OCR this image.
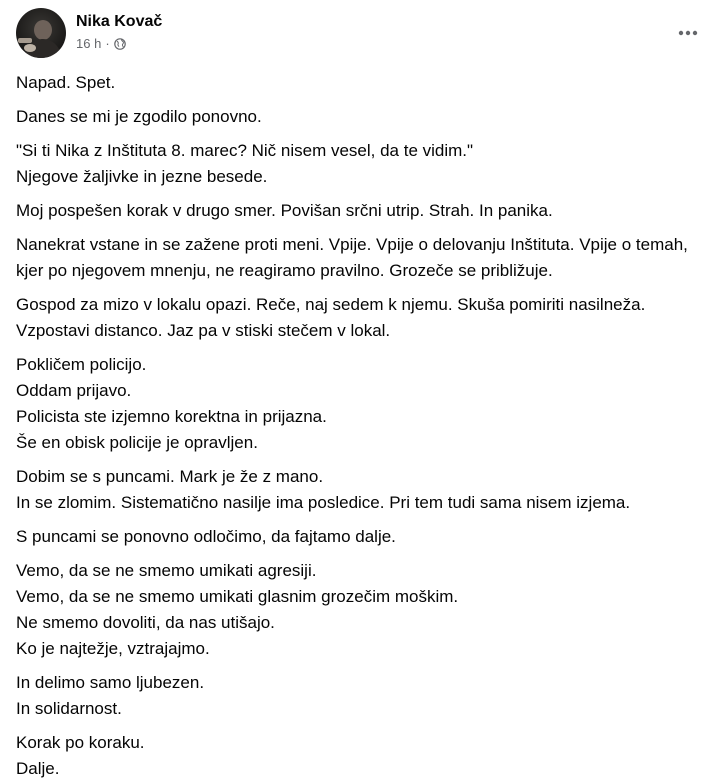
Nika Kovač
16 h ·

Napad. Spet.

Danes se mi je zgodilo ponovno.

"Si ti Nika z Inštituta 8. marec? Nič nisem vesel, da te vidim."
Njegove žaljivke in jezne besede.

Moj pospešen korak v drugo smer. Povišan srčni utrip. Strah. In panika.

Nanekrat vstane in se zažene proti meni. Vpije. Vpije o delovanju Inštituta. Vpije o temah, kjer po njegovem mnenju, ne reagiramo pravilno. Grozeče se približuje.

Gospod za mizo v lokalu opazi. Reče, naj sedem k njemu. Skuša pomiriti nasilneža. Vzpostavi distanco. Jaz pa v stiski stečem v lokal.

Pokličem policijo.
Oddam prijavo.
Policista ste izjemno korektna in prijazna.
Še en obisk policije je opravljen.

Dobim se s puncami. Mark je že z mano.
In se zlomim. Sistematično nasilje ima posledice. Pri tem tudi sama nisem izjema.

S puncami se ponovno odločimo, da fajtamo dalje.

Vemo, da se ne smemo umikati agresiji.
Vemo, da se ne smemo umikati glasnim grozečim moškim.
Ne smemo dovoliti, da nas utišajo.
Ko je najtežje, vztrajajmo.

In delimo samo ljubezen.
In solidarnost.

Korak po koraku.
Dalje.
